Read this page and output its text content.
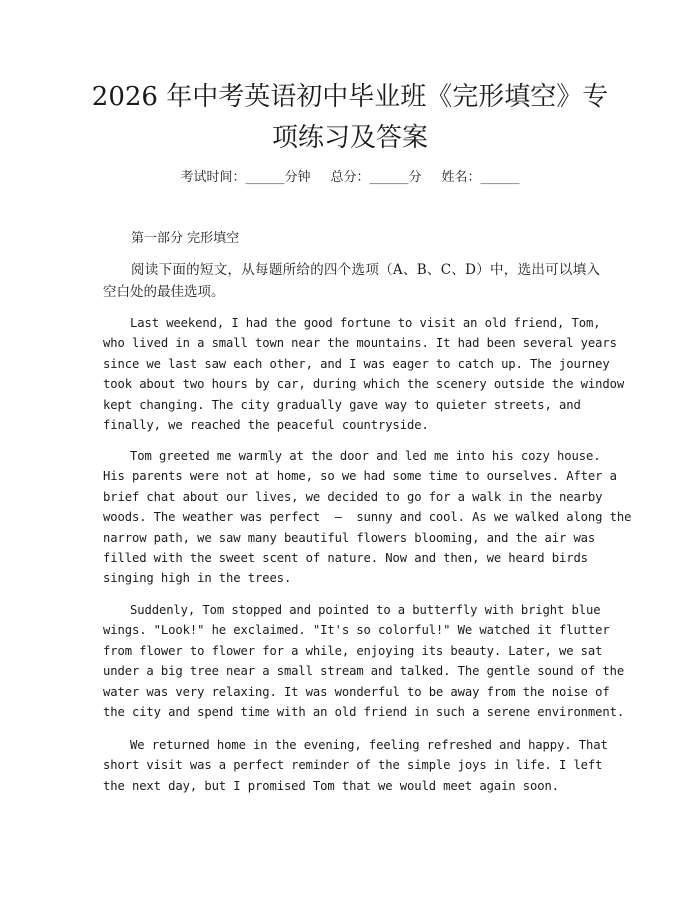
2026 年中考英语初中毕业班《完形填空》专
项练习及答案
考试时间：______分钟 总分：______分 姓名：______
第一部分 完形填空
阅读下面的短文，从每题所给的四个选项（A、B、C、D）中，选出可以填入空白处的最佳选项。
Last weekend, I had the good fortune to visit an old friend, Tom,
who lived in a small town near the mountains. It had been several years
since we last saw each other, and I was eager to catch up. The journey
took about two hours by car, during which the scenery outside the window
kept changing. The city gradually gave way to quieter streets, and
finally, we reached the peaceful countryside.
Tom greeted me warmly at the door and led me into his cozy house.
His parents were not at home, so we had some time to ourselves. After a
brief chat about our lives, we decided to go for a walk in the nearby
woods. The weather was perfect  –  sunny and cool. As we walked along the
narrow path, we saw many beautiful flowers blooming, and the air was
filled with the sweet scent of nature. Now and then, we heard birds
singing high in the trees.
Suddenly, Tom stopped and pointed to a butterfly with bright blue
wings. "Look!" he exclaimed. "It's so colorful!" We watched it flutter
from flower to flower for a while, enjoying its beauty. Later, we sat
under a big tree near a small stream and talked. The gentle sound of the
water was very relaxing. It was wonderful to be away from the noise of
the city and spend time with an old friend in such a serene environment.
We returned home in the evening, feeling refreshed and happy. That
short visit was a perfect reminder of the simple joys in life. I left
the next day, but I promised Tom that we would meet again soon.
